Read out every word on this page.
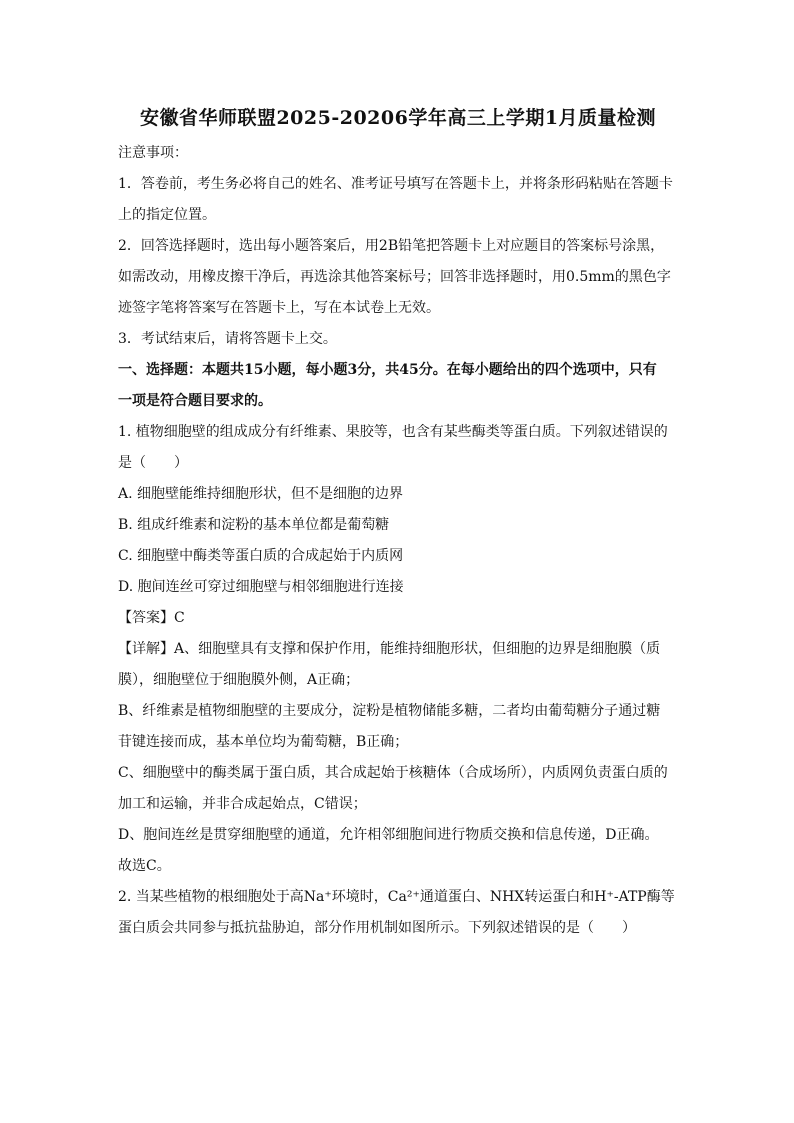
安徽省华师联盟2025-20206学年高三上学期1月质量检测
注意事项：
1．答卷前，考生务必将自己的姓名、准考证号填写在答题卡上，并将条形码粘贴在答题卡
上的指定位置。
2．回答选择题时，选出每小题答案后，用2B铅笔把答题卡上对应题目的答案标号涂黑，
如需改动，用橡皮擦干净后，再选涂其他答案标号；回答非选择题时，用0.5mm的黑色字
迹签字笔将答案写在答题卡上，写在本试卷上无效。
3．考试结束后，请将答题卡上交。
一、选择题：本题共15小题，每小题3分，共45分。在每小题给出的四个选项中，只有
一项是符合题目要求的。
1. 植物细胞壁的组成成分有纤维素、果胶等，也含有某些酶类等蛋白质。下列叙述错误的
是（　　）
A. 细胞壁能维持细胞形状，但不是细胞的边界
B. 组成纤维素和淀粉的基本单位都是葡萄糖
C. 细胞壁中酶类等蛋白质的合成起始于内质网
D. 胞间连丝可穿过细胞壁与相邻细胞进行连接
【答案】C
【详解】A、细胞壁具有支撑和保护作用，能维持细胞形状，但细胞的边界是细胞膜（质
膜），细胞壁位于细胞膜外侧，A正确；
B、纤维素是植物细胞壁的主要成分，淀粉是植物储能多糖，二者均由葡萄糖分子通过糖
苷键连接而成，基本单位均为葡萄糖，B正确；
C、细胞壁中的酶类属于蛋白质，其合成起始于核糖体（合成场所），内质网负责蛋白质的
加工和运输，并非合成起始点，C错误；
D、胞间连丝是贯穿细胞壁的通道，允许相邻细胞间进行物质交换和信息传递，D正确。
故选C。
2. 当某些植物的根细胞处于高Na⁺环境时，Ca²⁺通道蛋白、NHX转运蛋白和H⁺-ATP酶等
蛋白质会共同参与抵抗盐胁迫，部分作用机制如图所示。下列叙述错误的是（　　）
